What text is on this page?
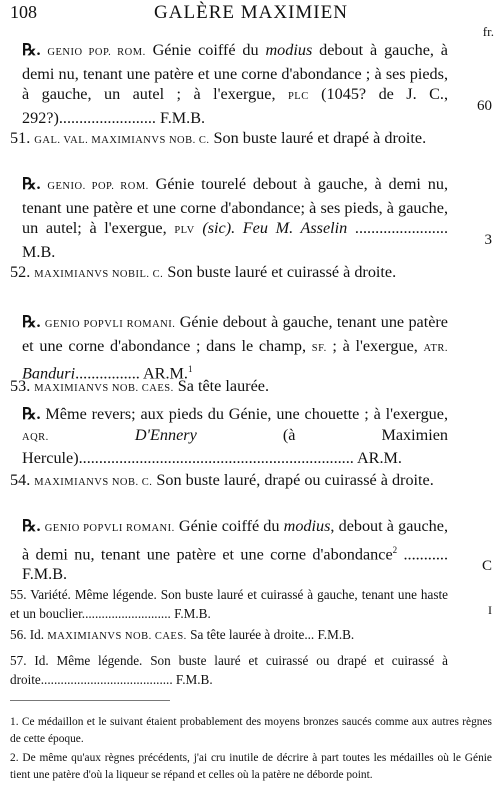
108	GALÈRE MAXIMIEN
fr.
℞. GENIO POP. ROM. Génie coiffé du modius debout à gauche, à demi nu, tenant une patère et une corne d'abondance ; à ses pieds, à gauche, un autel ; à l'exergue, PLC (1045? de J. C., 292?)........................ F.M.B.
60
51. GAL. VAL. MAXIMIANVS NOB. C. Son buste lauré et drapé à droite.
℞. GENIO. POP. ROM. Génie tourelé debout à gauche, à demi nu, tenant une patère et une corne d'abondance; à ses pieds, à gauche, un autel; à l'exergue, PLV (sic). Feu M. Asselin ....................... M.B.
3
52. MAXIMIANVS NOBIL. C. Son buste lauré et cuirassé à droite.
℞. GENIO POPVLI ROMANI. Génie debout à gauche, tenant une patère et une corne d'abondance ; dans le champ, SF. ; à l'exergue, ATR. Banduri................ AR.M.$^1$
53. MAXIMIANVS NOB. CAES. Sa tête laurée.
℞. Même revers; aux pieds du Génie, une chouette ; à l'exergue, AQR.	D'Ennery (à Maximien Hercule).................................................................... AR.M.
54. MAXIMIANVS NOB. C. Son buste lauré, drapé ou cuirassé à droite.
℞. GENIO POPVLI ROMANI. Génie coiffé du modius, debout à gauche, à demi nu, tenant une patère et une corne d'abondance$^2$ ........... F.M.B.	C
55. Variété. Même légende. Son buste lauré et cuirassé à gauche, tenant une haste et un bouclier........................... F.M.B.	I
56. Id. MAXIMIANVS NOB. CAES. Sa tête laurée à droite... F.M.B.
57. Id. Même légende. Son buste lauré et cuirassé ou drapé et cuirassé à droite........................................ F.M.B.
1. Ce médaillon et le suivant étaient probablement des moyens bronzes saucés comme aux autres règnes de cette époque.
2. De même qu'aux règnes précédents, j'ai cru inutile de décrire à part toutes les médailles où le Génie tient une patère d'où la liqueur se répand et celles où la patère ne déborde point.
